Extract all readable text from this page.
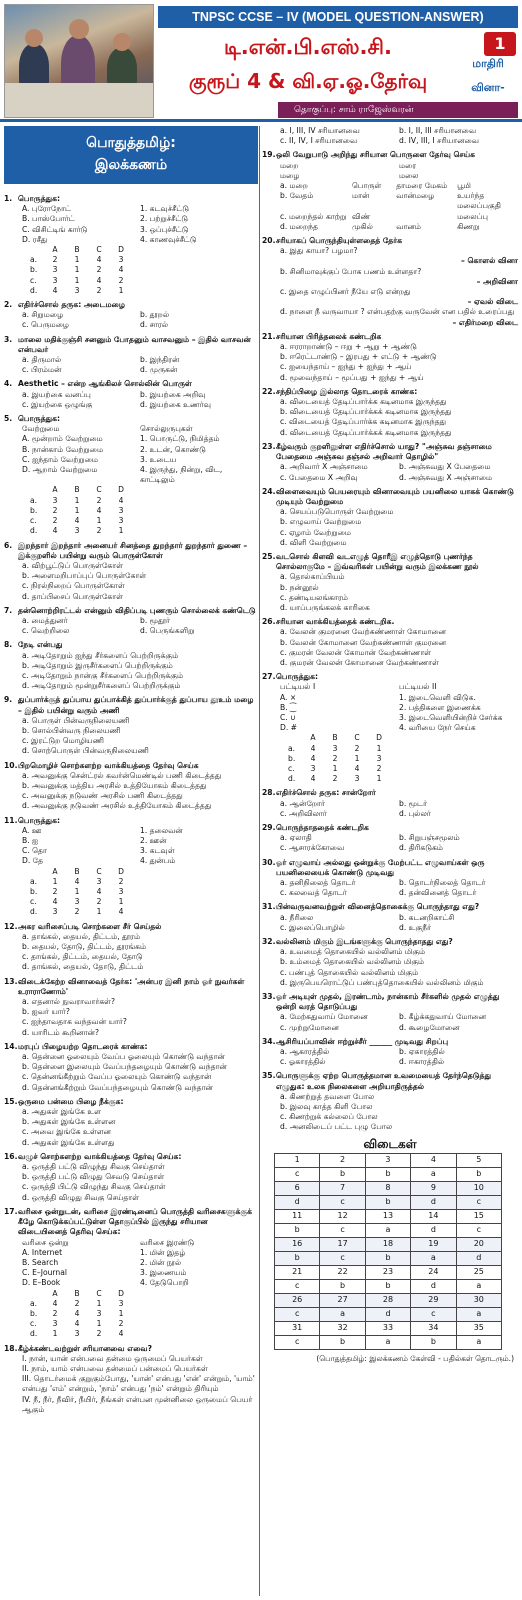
TNPSC CCSE – IV (MODEL QUESTION-ANSWER)
டி.என்.பி.எஸ்.சி.
குரூப் 4 & வி.ஏ.ஓ.தேர்வு
1
மாதிரி
வினா-
தொகுப்பு: சாம் ராஜேஸ்வரன்
பொதுத்தமிழ்:
இலக்கணம்
1. பொருத்துக:
A. புரோநோட்	1. கடவுச்சீட்டு
B. பாஸ்போர்ட்	2. பற்றுச்சீட்டு
C. விசிட்டிங் கார்டு	3. ஒப்புச்சீட்டு
D. ரசீது	4. காணவுச்சீட்டு
A	B	C	D
a.	2	1	4	3
b.	3	1	2	4
c.	3	1	4	2
d.	4	3	2	1
2. எதிர்ச்சொல் தருக: அடைமழை
a. சிறுமழை	b. தூறல்
c. பெருமழை	d. சாரல்
3. மாலை மதிக்குஞ்சி சனனும் போதனும் வாசவனும் – இதில் வாசவன் என்பவர்
a. திருமால்	b. இந்திரன்
c. பிரம்மன்	d. முருகன்
4. Aesthetic – என்ற ஆங்கிலச் சொல்லின் பொருள்
a. இயற்கை வனப்பு	b. இயற்கை அறிவு
c. இயற்கை ஒழுங்கு	d. இயற்கை உணர்வு
5. பொருத்துக:
வேற்றுமை	சொல்லுருபுகள்
A. மூன்றாம் வேற்றுமை	1. பொருட்டு, நிமித்தம்
B. நான்காம் வேற்றுமை	2. உடன், கொண்டு
C. ஐந்தாம் வேற்றுமை	3. உடைய
D. ஆறாம் வேற்றுமை	4. இருந்து, நின்று, விட, காட்டிலும்
A	B	C	D
a.	3	1	2	4
b.	2	1	4	3
c.	2	4	1	3
d.	4	3	2	1
6. இறந்தார் இறந்தார் அனையர் சினத்தை துறந்தார் துறந்தார் துணை – இக்குறளில் பயின்று வரும் பொருள்கோள்
a. விற்பூட்டுப் பொருள்கோள்
b. அளைமறிபாப்புப் பொருள்கோள்
c. நிரல்நிறைப் பொருள்கோள்
d. தாப்பிசைப் பொருள்கோள்
7. தன்னொற்றிரட்டல் என்னும் விதிப்படி புணரும் சொல்லைக் கண்டெடு
a. மைத்துனர்	b. மூதூர்
c. வெற்றிலை	d. பெருங்களிறு
8. நேடி என்பது
a. அடிதோறும் ஐந்து சீர்களைப் பெற்றிருக்கும்
b. அடிதோறும் இருசீர்களைப் பெற்றிருக்கும்
c. அடிதோறும் நான்கு சீர்களைப் பெற்றிருக்கும்
d. அடிதோறும் மூன்றுசீர்களைப் பெற்றிருக்கும்
9. துப்பார்க்குத் துப்பாய துப்பாக்கித் துப்பார்க்குத் துப்பாய தூஉம் மழை – இதில் பயின்று வரும் அணி
a. பொருள் பின்வருநிலையணி
b. சொல்பின்வரு நிலையணி
c. இரட்டுற மொழியணி
d. சொற்பொருள் பின்வருநிலையணி
10. பிறமொழிச் சொற்களற்ற வாக்கியத்தை தேர்வு செய்க
a. அவனுக்கு சென்ட்ரல் கவர்ன்மெண்டில் பணி கிடைத்தது
b. அவனுக்கு மத்திய அரசில் உத்தியோகம் கிடைத்தது
c. அவனுக்கு நடுவண் அரசில் பணி கிடைத்தது
d. அவனுக்கு நடுவண் அரசில் உத்தியோகம் கிடைத்தது
11. பொருத்துக:
A. ஊ	1. தலைவன்
B. ஐ	2. ஊன்
C. தொ	3. கடவுள்
D. தே	4. துன்பம்
A	B	C	D
a.	1	4	3	2
b.	2	1	4	3
c.	4	3	2	1
d.	3	2	1	4
12. அகர வரிசைப்படி சொற்களை சீர் செய்தல்
a. தாங்கல், தையல், திட்டம், தூரம்
b. தையல், தோடு, திட்டம், தூரங்கம்
c. தாங்கல், திட்டம், தையல், தோடு
d. தாங்கல், தையல், தோடு, திட்டம்
13. விடைக்கேற்ற வினாவைத் தேர்க: 'அன்பர இனி நாம் ஓர் நுவர்கள் உராராணோம்'
a. எதனால் நுவராவார்கள்?
b. ஐவர் யார்?
c. ஐந்தாவதாக வந்தவன் யார்?
d. யாரிடம் கூறினான்?
14. மரபுப் பிழையற்ற தொடரைக் காண்க:
a. தென்னை ஓலையும் வேப்ப ஓலையும் கொண்டு வந்தான்
b. தென்னை இலையும் வேப்பந்தழையும் கொண்டு வந்தான்
c. தென்னங்கீற்றும் வேப்ப ஓலையும் கொண்டு வந்தான்
d. தென்னங்கீற்றும் வேப்பந்தழையும் கொண்டு வந்தான்
15. ஒருமை பன்மை பிழை நீக்குக:
a. அதுகள் இங்கே உள
b. அதுகள் இங்கே உள்ளன
c. அவை இங்கே உள்ளன
d. அதுகள் இங்கே உள்ளது
16. வழுச் சொற்களற்ற வாக்கியத்தை தேர்வு செய்க:
a. ஒருத்தி பட்டு விழுந்து சிவகு செய்தாள்
b. ஒருத்தி பட்டு விழுது செவடு செய்தாள்
c. ஒருத்தி பிட்டு விழுந்து சிவகு செய்தாள்
d. ஒருத்தி விழுது சிவகு செய்தாள்
17. வரிசை ஒன்றுடன், வரிசை இரண்டினைப் பொருத்தி வரிசைகளுக்குக் கீழே கொடுக்கப்பட்டுள்ள தொகுப்பில் இருந்து சரியான விடையினைத் தெரிவு செய்க:
வரிசை ஒன்று	வரிசை இரண்டு
A. Internet	1. மின் இதழ்
B. Search	2. மின் நூல்
C. E–Journal	3. இணையம்
D. E–Book	4. தேடுபொறி
A	B	C	D
a.	4	2	1	3
b.	2	4	3	1
c.	3	4	1	2
d.	1	3	2	4
18. கீழ்க்கண்டவற்றுள் சரியானவை எவை?
I. நான், யான் என்பவை தன்மை ஒருமைப் பெயர்கள்
II. நாம், யாம் என்பவை தன்மைப் பன்மைப் பெயர்கள்
III. தொடர்மைக் குறுகும்போது, 'யான்' என்பது 'என்' என்றும், 'யாம்' என்பது 'எம்' என்றும், 'நாம்' என்பது 'நம்' என்றும் திரியும்
IV. நீ, நீர், நீவிர், நீயிர், நீங்கள் என்பன முன்னிலை ஒருமைப் பெயர் ஆகும்
a. I, III, IV சரியானவை	b. I, II, III சரியானவை
c. II, IV, I சரியானவை	d. IV, III, I சரியானவை
19. ஒலி வேறுபாடு அறிந்து சரியான பொருளை தேர்வு செய்க
மறை	மரை
மழை	மலை
a. மறை	பொருள்	தாமரை மேகம்	பூமி
b. வேதம்	மான்	வான்மழை	உயர்ந்த மலைப்பகுதி
c. மறைந்தல் காற்று விண்	மலைப்பு
d. மறைந்த	முகில்	வானம்	கிணறு
20. சரியாகப் பொருந்தியுள்ளதைத் தேர்க
a. இது காயா? பழமா?
– கொளல் வினா
b. சினிமாவுக்குப் போக பணம் உள்ளதா?
– அறிவினா
c. இதை எழுப்பினர் நீயே எடு என்றது
– ஏவல் விடை
d. நாளை நீ வருவாயா ? என்பதற்கு வருவேன் என பதில் உரைப்பது
– எதிர்மறை விடை
21. சரியான பிரித்தலைக் கண்டறிக
a. ஈரராறாண்டு – ஈறு + ஆறு + ஆண்டு
b. ஈரெட்டாண்டு – இரபது + எட்டு + ஆண்டு
c. ஐயைந்தாய் – ஐந்து + ஐந்து + ஆய்
d. மூவைந்தாய் – மூப்பது + ஐந்து + ஆய்
22. சந்திப்பிழை இல்லாத தொடரைக் காண்க:
a. விடையைத் தேடிப்பார்க்க கடினமாக இருந்தது
b. விடையைத் தேடிப்பார்க்கக் கடினமாக இருந்தது
c. விடையைத் தேடிப்பார்க்க கடினமாக இருந்தது
d. விடையைத் தேடிப்பார்க்கக் கடினமாக இருந்தது
23. கீழ்வரும் குறளிலுள்ள எதிர்ச்சொல் யாது? "அஞ்சுவ தஞ்சாமை பேதைமை அஞ்சுவ தஞ்சல் அறிவார் தொழில்"
a. அறிவார் X அஞ்சாமை	b. அஞ்சுவது X பேதைமை
c. பேதைமை X அறிவு	d. அஞ்சுவது X அஞ்சாமை
24. விளைவையும் பெயரையும் வினாவையும் பயனிலை யாகக் கொண்டு முடியும் வேற்றுமை
a. செயப்படுபொருள் வேற்றுமை
b. எழுவாய் வேற்றுமை
c. ஏழாம் வேற்றுமை
d. விளி வேற்றுமை
25. வடசொல் கிளவி வடஎழுத் தொரீஇ எழுத்தொடு புணர்ந்த சொல்லாகுமே – இவ்வரிகள் பயின்று வரும் இலக்கண நூல்
a. தொல்காப்பியம்
b. நன்னூல்
c. தண்டியலங்காரம்
d. யாப்பருங்கலக் காரிகை
26. சரியான வாக்கியத்தைக் கண்டறிக.
a. வேலன் குமரனை வேற்கண்ணாள் கோமானை
b. வேலன் கோமானை வேற்கண்ணாள் குமரனை
c. குமரன் வேலன் கோமான் வேற்கண்ணாள்
d. குமரன் வேலன் கோமானை வேற்கண்ணாள்
27. பொருத்துக:
பட்டியல் I	பட்டியல் II
A. ×	1. இடைவெளி விடுக.
B. ⁐	2. பத்திகளை இணைக்க
C. ∪	3. இடைவெளியின்றிச் சேர்க்க
D. #	4. வரியை நேர் செய்க
A	B	C	D
a.	4	3	2	1
b.	4	2	1	3
c.	3	1	4	2
d.	4	2	3	1
28. எதிர்ச்சொல் தருக: சான்றோர்
a. ஆன்றோர்	b. மூடர்
c. அறிவிலார்	d. புல்லர்
29. பொருந்தாததைக் கண்டறிக
a. ஏலாதி	b. சிறுபஞ்சமூலம்
c. ஆசாரக்கோவை	d. திரிகடுகம்
30. ஓர் எழுவாய் அல்லது ஒன்றுக்கு மேற்பட்ட எழுவாய்கள் ஒரு பயனிலையைக் கொண்டு முடிவது
a. தனிநிலைத் தொடர்	b. தொடர்நிலைத் தொடர்
c. கலவைத் தொடர்	d. தன்வினைத் தொடர்
31. பின்வருவனவற்றுள் வினைத்தொகைக்கு பொருந்தாது எது?
a. நீரிலை	b. கடனறிகாட்சி
c. இலைப்பொழில்	d. உகுநீர்
32. வல்லினம் மிகும் இடங்களுக்கு பொருந்தாதது எது?
a. உவமைத் தொகையில் வல்லினம் மிகும்
b. உம்மைத் தொகையில் வல்லினம் மிகும்
c. பண்புத் தொகையில் வல்லினம் மிகும்
d. இருபெயரொட்டுப் பண்புத்தொகையில் வல்லினம் மிகும்
33. ஓர் அடியுள் முதல், இரண்டாம், நான்காம் சீர்களில் முதல் எழுத்து ஒன்றி வரத் தொடுப்பது
a. மேற்கதுவாய் மோனை	b. கீழ்க்கதுவாய் மோனை
c. முற்றுமோனை	d. கூழைமோனை
34. ஆசிரியப்பாவின் ஈற்றுச்சீர் ______ முடிவது சிறப்பு
a. ஆகாரத்தில்	b. ஏகாரத்தில்
c. ஓகாரத்தில்	d. ஈகாரத்தில்
35. பொருளுக்கு ஏற்ற பொருத்தமான உவமையைத் தேர்ந்தெடுத்து எழுதுக: உலக நிலைகளை அறியாதிருத்தல்
a. கிணற்றுத் தவளை போல
b. இலவு காத்த கிளி போல
c. கிணற்றுக் கல்லைப் போல
d. அனலிடைப் பட்ட புழு போல
விடைகள்
1	2	3	4	5
c	b	b	a	b
6	7	8	9	10
d	c	b	d	c
11	12	13	14	15
b	c	a	d	c
16	17	18	19	20
b	c	b	a	d
21	22	23	24	25
c	b	b	d	a
26	27	28	29	30
c	a	d	c	a
31	32	33	34	35
c	b	a	b	a
(பொதுத்தமிழ்: இலக்கணம் கேள்வி - பதில்கள் தொடரும்.)
